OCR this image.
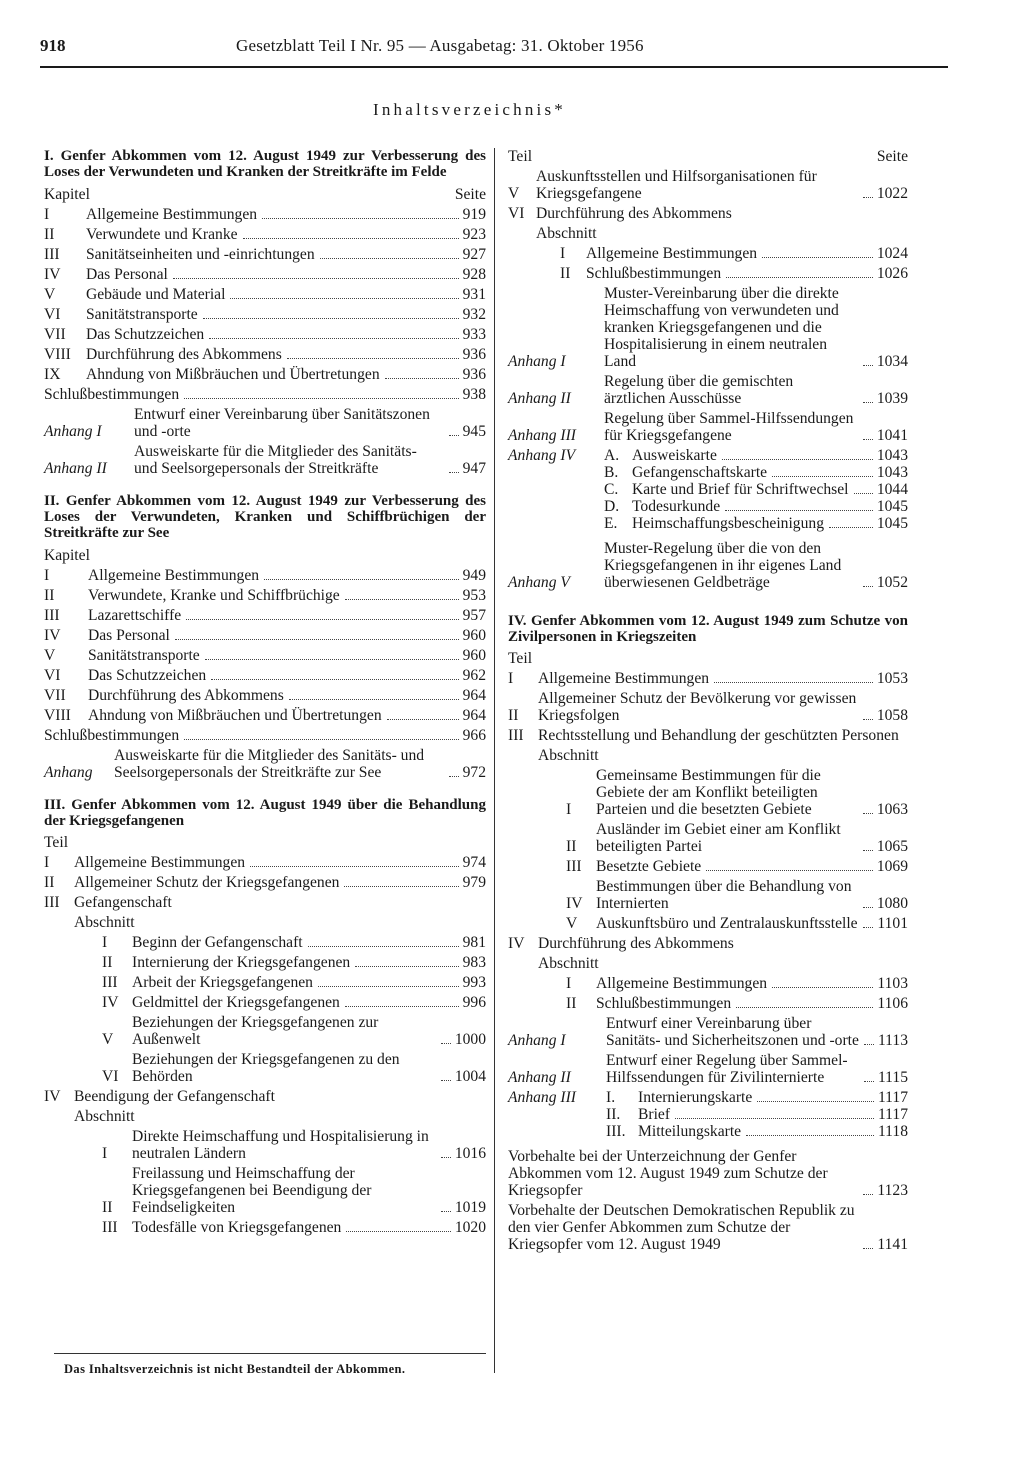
918	Gesetzblatt Teil I Nr. 95 — Ausgabetag: 31. Oktober 1956
Inhaltsverzeichnis*
I. Genfer Abkommen vom 12. August 1949 zur Verbesserung des Loses der Verwundeten und Kranken der Streitkräfte im Felde
Kapitel	Seite
I	Allgemeine Bestimmungen	919
II	Verwundete und Kranke	923
III	Sanitätseinheiten und -einrichtungen	927
IV	Das Personal	928
V	Gebäude und Material	931
VI	Sanitätstransporte	932
VII	Das Schutzzeichen	933
VIII Durchführung des Abkommens	936
IX	Ahndung von Mißbräuchen und Übertretungen	936
Schlußbestimmungen	938
Anhang I
Entwurf einer Vereinbarung über Sanitätszonen und -orte	945
Anhang II
Ausweiskarte für die Mitglieder des Sanitäts- und Seelsorgepersonals der Streitkräfte	947
II. Genfer Abkommen vom 12. August 1949 zur Verbesserung des Loses der Verwundeten, Kranken und Schiffbrüchigen der Streitkräfte zur See
Kapitel
I	Allgemeine Bestimmungen	949
II	Verwundete, Kranke und Schiffbrüchige	953
III	Lazarettschiffe	957
IV	Das Personal	960
V	Sanitätstransporte	960
VI	Das Schutzzeichen	962
VII	Durchführung des Abkommens	964
VIII	Ahndung von Mißbräuchen und Übertretungen	964
Schlußbestimmungen	966
Anhang
Ausweiskarte für die Mitglieder des Sanitäts- und Seelsorgepersonals der Streitkräfte zur See	972
III. Genfer Abkommen vom 12. August 1949 über die Behandlung der Kriegsgefangenen
Teil
I	Allgemeine Bestimmungen	974
II	Allgemeiner Schutz der Kriegsgefangenen	979
III Gefangenschaft
Abschnitt
I	Beginn der Gefangenschaft	981
II	Internierung der Kriegsgefangenen	983
III Arbeit der Kriegsgefangenen	993
IV Geldmittel der Kriegsgefangenen	996
V
Beziehungen der Kriegsgefangenen zur Außenwelt	1000
VI
Beziehungen der Kriegsgefangenen zu den Behörden	1004
IV Beendigung der Gefangenschaft
Abschnitt
I
Direkte Heimschaffung und Hospitalisierung in neutralen Ländern	1016
II
Freilassung und Heimschaffung der Kriegsgefangenen bei Beendigung der Feindseligkeiten	1019
III Todesfälle von Kriegsgefangenen	1020
Das Inhaltsverzeichnis ist nicht Bestandteil der Abkommen.
Teil	Seite
V
Auskunftsstellen und Hilfsorganisationen für Kriegsgefangene	1022
VI Durchführung des Abkommens
Abschnitt
I	Allgemeine Bestimmungen	1024
II	Schlußbestimmungen	1026
Anhang I
Muster-Vereinbarung über die direkte Heimschaffung von verwundeten und kranken Kriegsgefangenen und die Hospitalisierung in einem neutralen Land	1034
Anhang II
Regelung über die gemischten ärztlichen Ausschüsse	1039
Anhang III
Regelung über Sammel-Hilfssendungen für Kriegsgefangene	1041
Anhang IV	A. Ausweiskarte	1043
B. Gefangenschaftskarte	1043
C. Karte und Brief für Schriftwechsel 1044
D. Todesurkunde	1045
E. Heimschaffungsbescheinigung	1045
Anhang V
Muster-Regelung über die von den Kriegsgefangenen in ihr eigenes Land überwiesenen Geldbeträge	1052
IV. Genfer Abkommen vom 12. August 1949 zum Schutze von Zivilpersonen in Kriegszeiten
Teil
I	Allgemeine Bestimmungen	1053
II
Allgemeiner Schutz der Bevölkerung vor gewissen Kriegsfolgen	1058
III Rechtsstellung und Behandlung der geschützten Personen
Abschnitt
I
Gemeinsame Bestimmungen für die Gebiete der am Konflikt beteiligten Parteien und die besetzten Gebiete	1063
II
Ausländer im Gebiet einer am Konflikt beteiligten Partei	1065
III Besetzte Gebiete	1069
IV
Bestimmungen über die Behandlung von Internierten	1080
V	Auskunftsbüro und Zentralauskunftsstelle 1101
IV Durchführung des Abkommens
Abschnitt
I	Allgemeine Bestimmungen	1103
II	Schlußbestimmungen	1106
Anhang I
Entwurf einer Vereinbarung über Sanitäts- und Sicherheitszonen und -orte 1113
Anhang II
Entwurf einer Regelung über Sammel-Hilfssendungen für Zivilinternierte	1115
Anhang III	I.	Internierungskarte	1117
II.	Brief	1117
III. Mitteilungskarte	1118
Vorbehalte bei der Unterzeichnung der Genfer Abkommen vom 12. August 1949 zum Schutze der Kriegsopfer	1123
Vorbehalte der Deutschen Demokratischen Republik zu den vier Genfer Abkommen zum Schutze der Kriegsopfer vom 12. August 1949	1141
